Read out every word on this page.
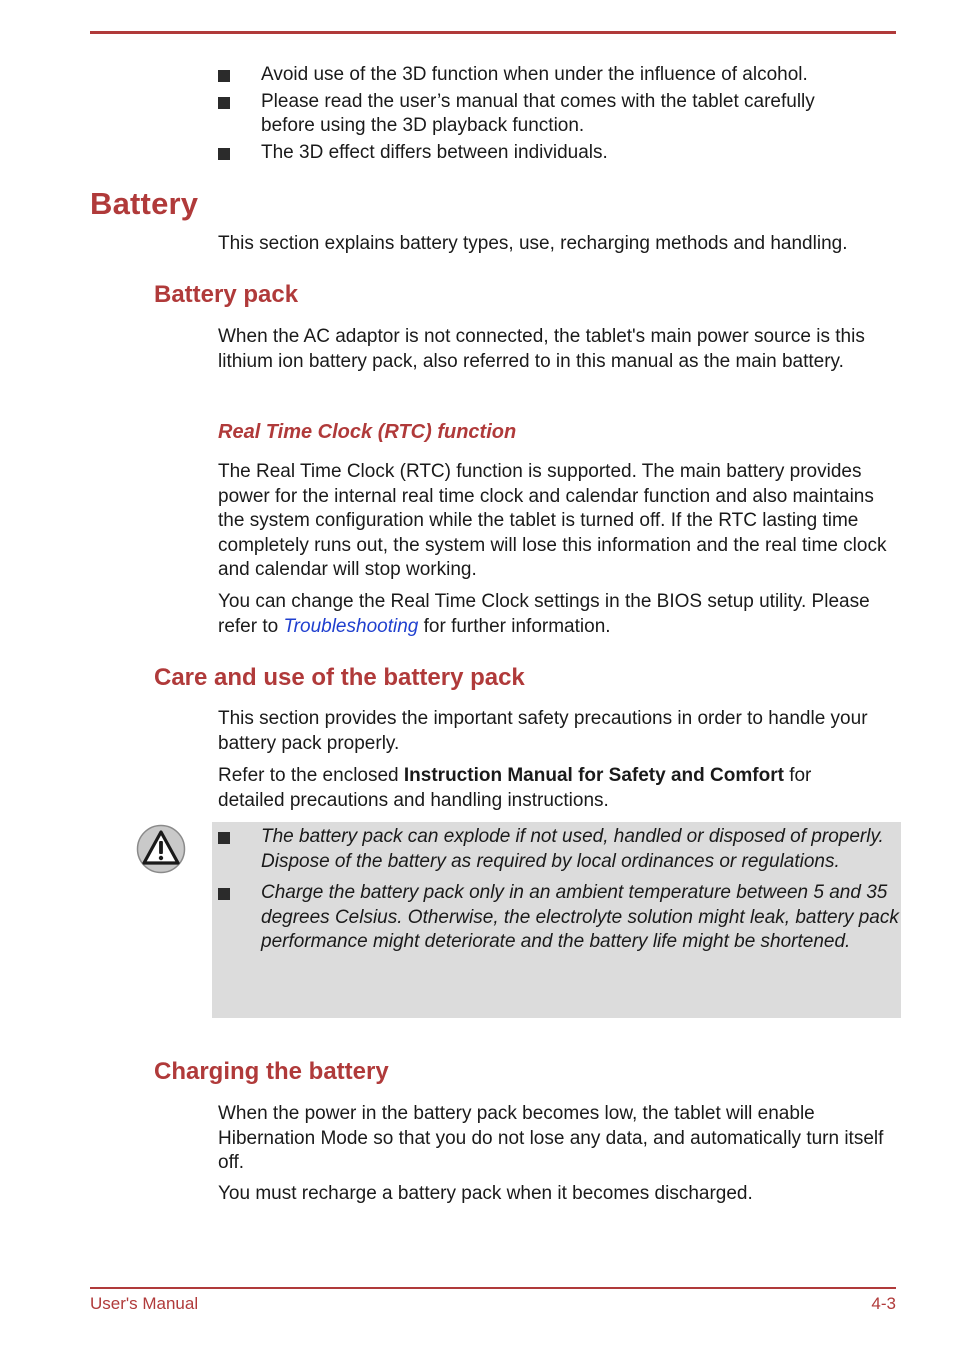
Avoid use of the 3D function when under the influence of alcohol.
Please read the user’s manual that comes with the tablet carefully before using the 3D playback function.
The 3D effect differs between individuals.
Battery

This section explains battery types, use, recharging methods and handling.

Battery pack

When the AC adaptor is not connected, the tablet's main power source is this lithium ion battery pack, also referred to in this manual as the main battery.

Real Time Clock (RTC) function

The Real Time Clock (RTC) function is supported. The main battery provides power for the internal real time clock and calendar function and also maintains the system configuration while the tablet is turned off. If the RTC lasting time completely runs out, the system will lose this information and the real time clock and calendar will stop working.

You can change the Real Time Clock settings in the BIOS setup utility. Please refer to Troubleshooting for further information.

Care and use of the battery pack

This section provides the important safety precautions in order to handle your battery pack properly.

Refer to the enclosed Instruction Manual for Safety and Comfort for detailed precautions and handling instructions.

The battery pack can explode if not used, handled or disposed of properly. Dispose of the battery as required by local ordinances or regulations.
Charge the battery pack only in an ambient temperature between 5 and 35 degrees Celsius. Otherwise, the electrolyte solution might leak, battery pack performance might deteriorate and the battery life might be shortened.
Charging the battery

When the power in the battery pack becomes low, the tablet will enable Hibernation Mode so that you do not lose any data, and automatically turn itself off.

You must recharge a battery pack when it becomes discharged.

User's Manual	4-3
